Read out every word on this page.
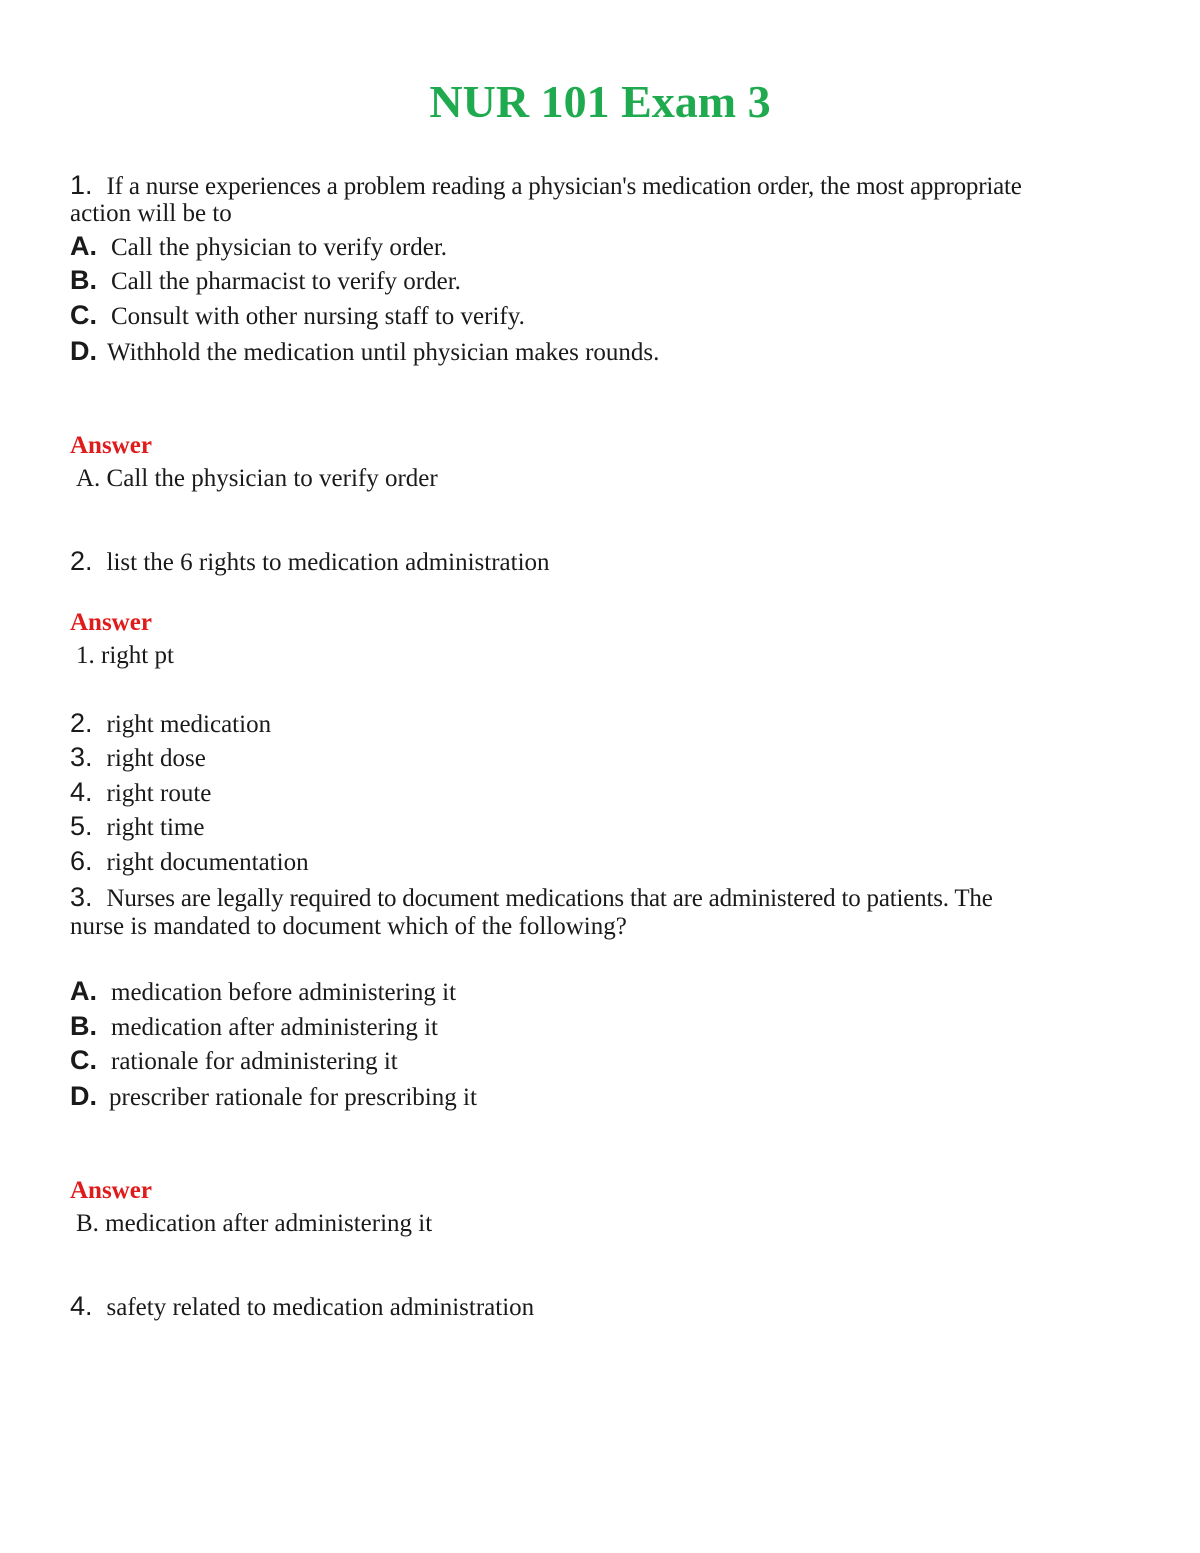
NUR 101 Exam 3
1. If a nurse experiences a problem reading a physician's medication order, the most appropriate
action will be to
A. Call the physician to verify order.
B. Call the pharmacist to verify order.
C. Consult with other nursing staff to verify.
D. Withhold the medication until physician makes rounds.
Answer
A. Call the physician to verify order
2. list the 6 rights to medication administration
Answer
1. right pt
2. right medication
3. right dose
4. right route
5. right time
6. right documentation
3. Nurses are legally required to document medications that are administered to patients. The
nurse is mandated to document which of the following?
A. medication before administering it
B. medication after administering it
C. rationale for administering it
D. prescriber rationale for prescribing it
Answer
B. medication after administering it
4. safety related to medication administration
